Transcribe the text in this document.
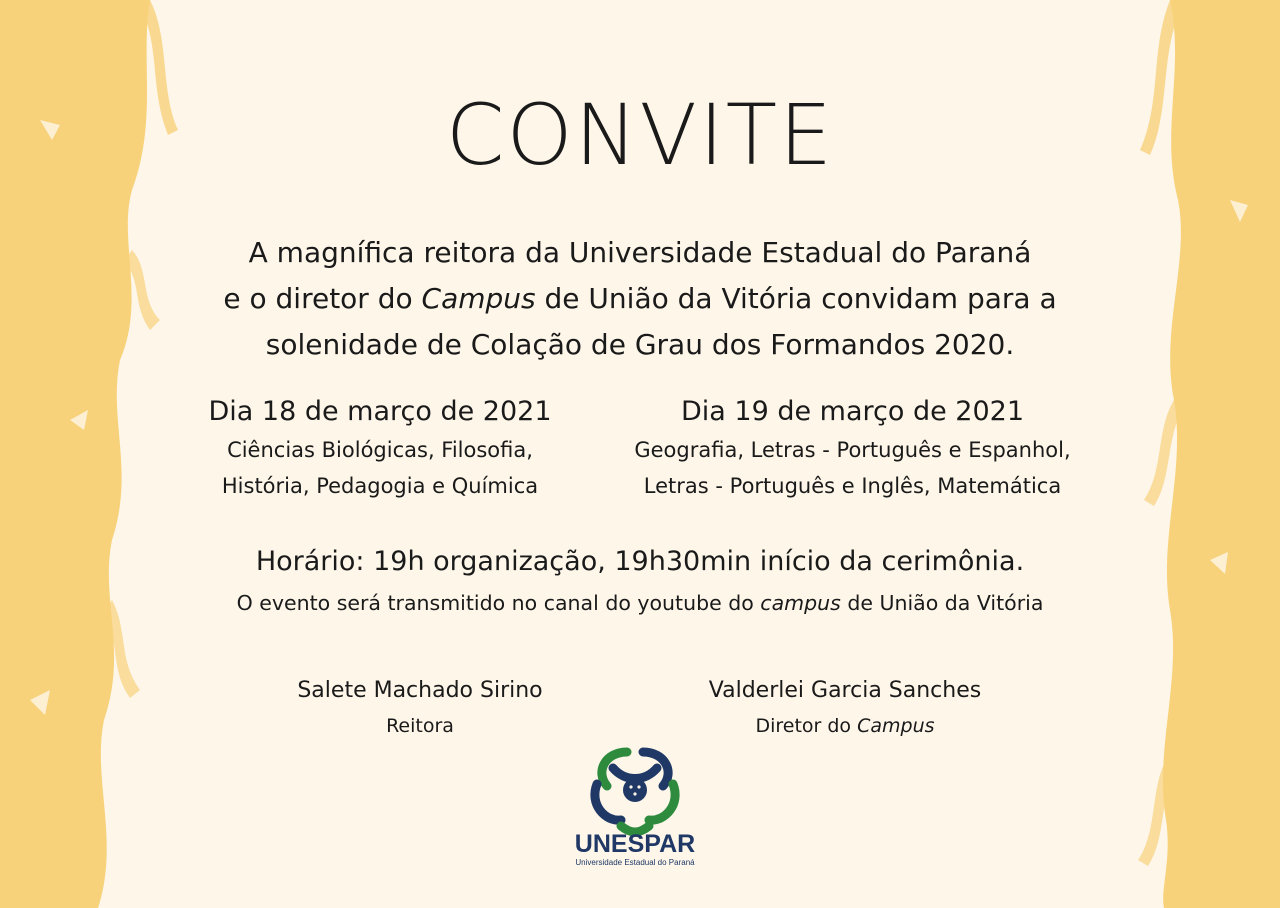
CONVITE
A magnífica reitora da Universidade Estadual do Paraná
e o diretor do Campus de União da Vitória convidam para a
solenidade de Colação de Grau dos Formandos 2020.
Dia 18 de março de 2021
Ciências Biológicas, Filosofia,
História, Pedagogia e Química
Dia 19 de março de 2021
Geografia, Letras - Português e Espanhol,
Letras - Português e Inglês, Matemática
Horário: 19h organização, 19h30min início da cerimônia.
O evento será transmitido no canal do youtube do campus de União da Vitória
Salete Machado Sirino
Reitora
Valderlei Garcia Sanches
Diretor do Campus
UNESPAR
Universidade Estadual do Paraná
